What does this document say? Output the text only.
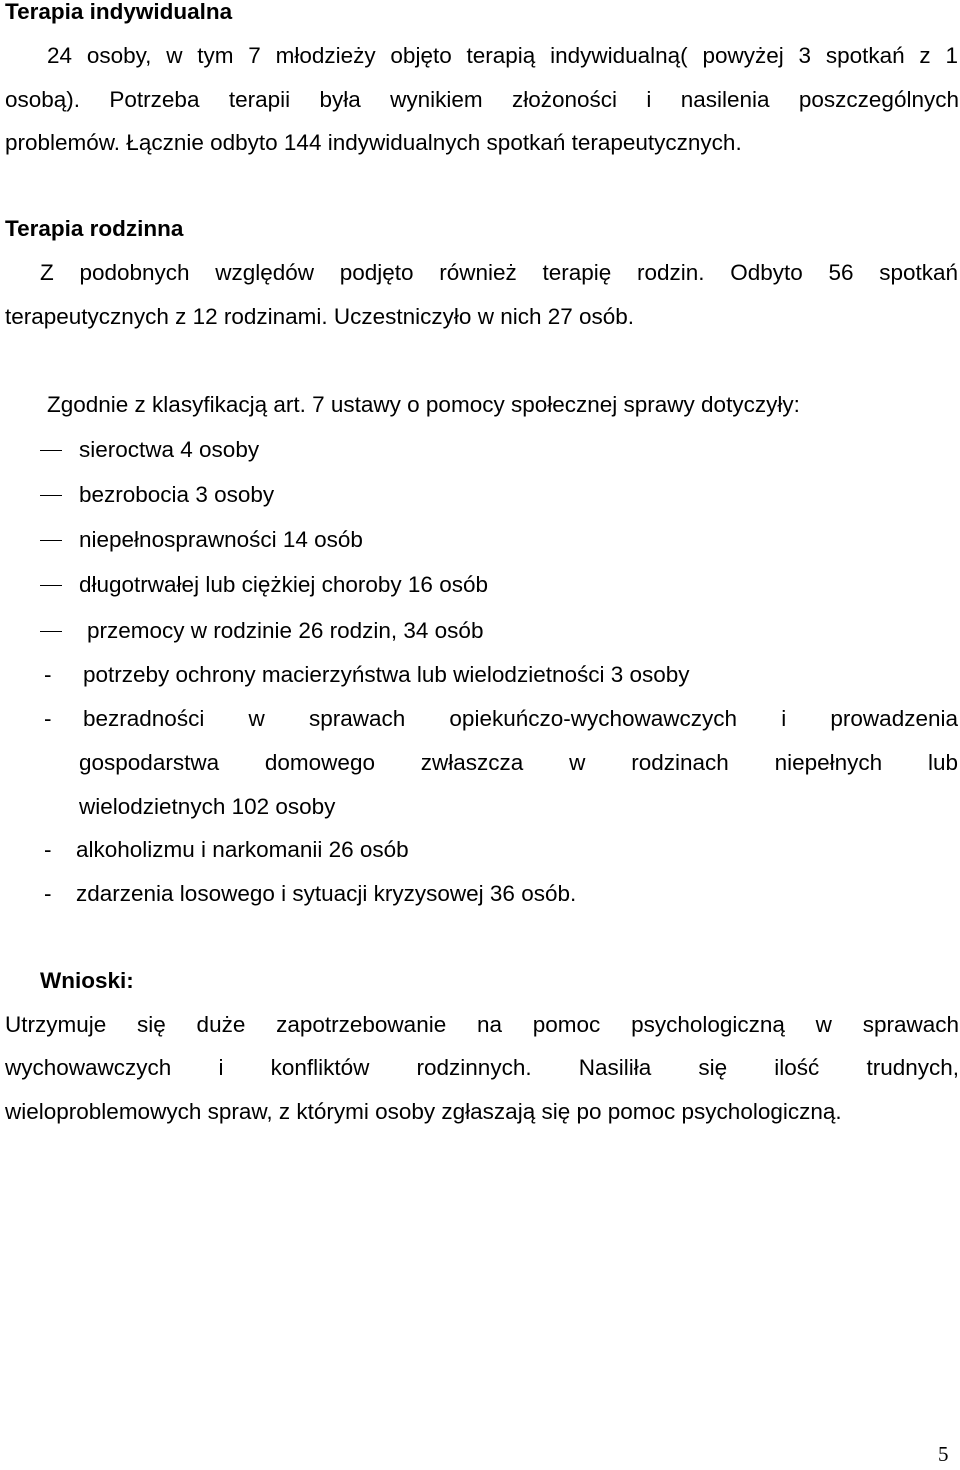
Terapia indywidualna
24 osoby, w tym 7 młodzieży objęto terapią indywidualną( powyżej 3 spotkań z 1
osobą). Potrzeba terapii była wynikiem złożoności i nasilenia poszczególnych
problemów. Łącznie odbyto 144 indywidualnych spotkań terapeutycznych.
Terapia rodzinna
Z podobnych względów podjęto również terapię rodzin. Odbyto 56 spotkań
terapeutycznych z 12 rodzinami. Uczestniczyło w nich 27 osób.
Zgodnie z klasyfikacją art. 7 ustawy o pomocy społecznej sprawy dotyczyły:
sieroctwa 4 osoby
bezrobocia 3 osoby
niepełnosprawności 14 osób
długotrwałej lub ciężkiej choroby 16 osób
przemocy w rodzinie 26 rodzin, 34 osób
- potrzeby ochrony macierzyństwa lub wielodzietności 3 osoby
- bezradności w sprawach opiekuńczo-wychowawczych i prowadzenia
gospodarstwa domowego zwłaszcza w rodzinach niepełnych lub
wielodzietnych 102 osoby
- alkoholizmu i narkomanii 26 osób
- zdarzenia losowego i sytuacji kryzysowej 36 osób.
Wnioski:
Utrzymuje się duże zapotrzebowanie na pomoc psychologiczną w sprawach
wychowawczych i konfliktów rodzinnych. Nasiliła się ilość trudnych,
wieloproblemowych spraw, z którymi osoby zgłaszają się po pomoc psychologiczną.
5
